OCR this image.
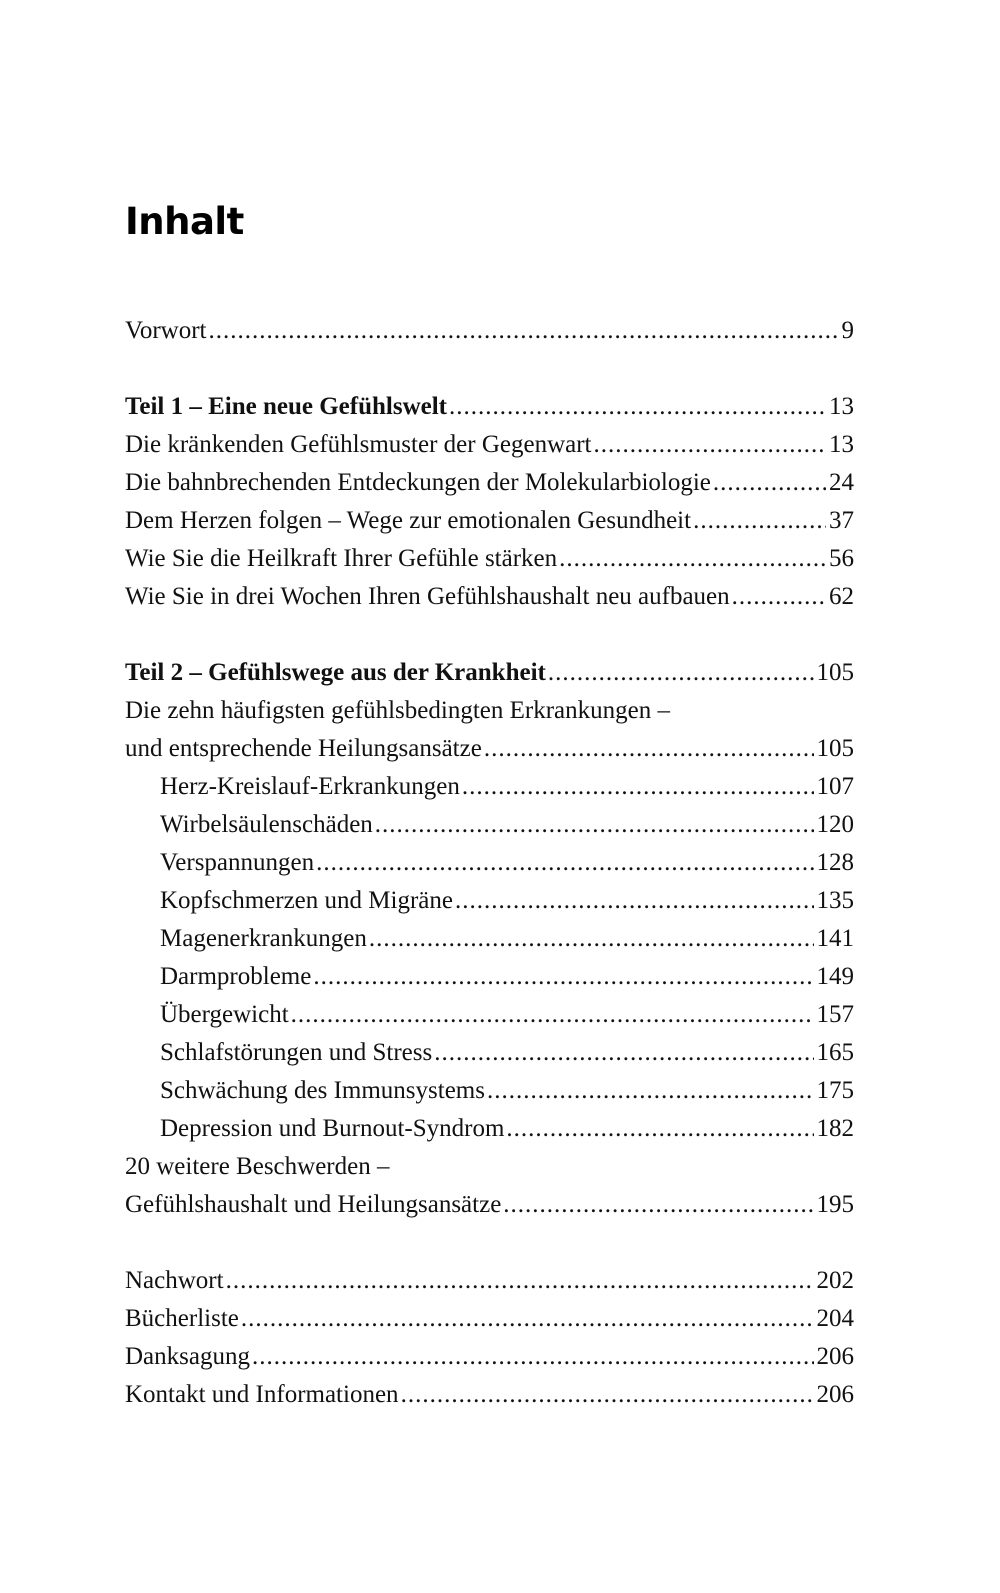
Inhalt
Vorwort .....	9
Teil 1 – Eine neue Gefühlswelt .....	13
Die kränkenden Gefühlsmuster der Gegenwart .....	13
Die bahnbrechenden Entdeckungen der Molekularbiologie .....	24
Dem Herzen folgen – Wege zur emotionalen Gesundheit .....	37
Wie Sie die Heilkraft Ihrer Gefühle stärken .....	56
Wie Sie in drei Wochen Ihren Gefühlshaushalt neu aufbauen .....	62
Teil 2 – Gefühlswege aus der Krankheit .....	105
Die zehn häufigsten gefühlsbedingten Erkrankungen –
und entsprechende Heilungsansätze .....	105
Herz-Kreislauf-Erkrankungen .....	107
Wirbelsäulenschäden .....	120
Verspannungen .....	128
Kopfschmerzen und Migräne .....	135
Magenerkrankungen .....	141
Darmprobleme .....	149
Übergewicht .....	157
Schlafstörungen und Stress .....	165
Schwächung des Immunsystems .....	175
Depression und Burnout-Syndrom .....	182
20 weitere Beschwerden –
Gefühlshaushalt und Heilungsansätze .....	195
Nachwort .....	202
Bücherliste .....	204
Danksagung .....	206
Kontakt und Informationen .....	206
